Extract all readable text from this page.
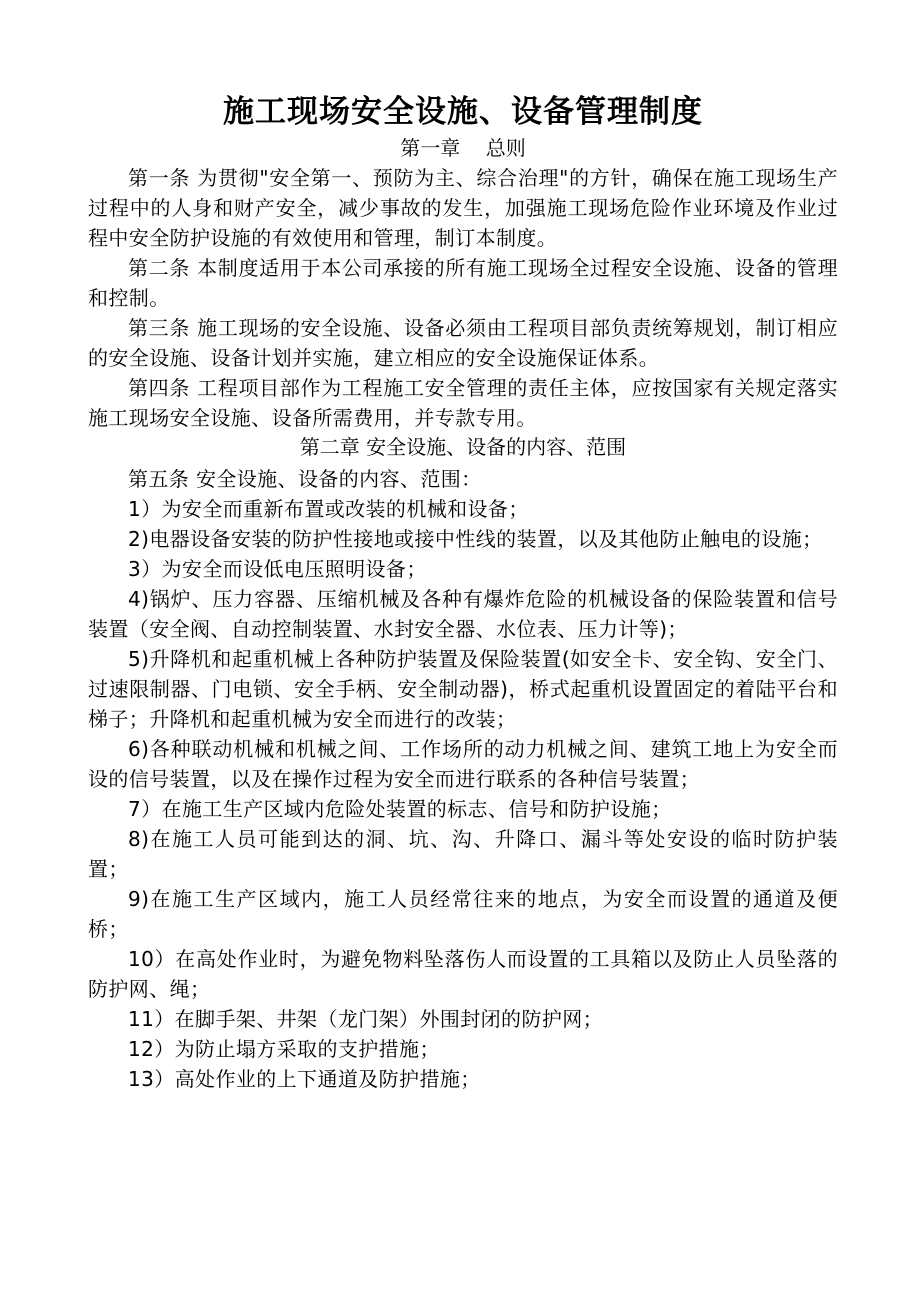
施工现场安全设施、设备管理制度

第一章    总则

第一条 为贯彻"安全第一、预防为主、综合治理"的方针，确保在施工现场生产过程中的人身和财产安全，减少事故的发生，加强施工现场危险作业环境及作业过程中安全防护设施的有效使用和管理，制订本制度。

第二条 本制度适用于本公司承接的所有施工现场全过程安全设施、设备的管理和控制。

第三条 施工现场的安全设施、设备必须由工程项目部负责统筹规划，制订相应的安全设施、设备计划并实施，建立相应的安全设施保证体系。

第四条 工程项目部作为工程施工安全管理的责任主体，应按国家有关规定落实施工现场安全设施、设备所需费用，并专款专用。

第二章 安全设施、设备的内容、范围

第五条 安全设施、设备的内容、范围：

1）为安全而重新布置或改装的机械和设备；

2)电器设备安装的防护性接地或接中性线的装置，以及其他防止触电的设施；

3）为安全而设低电压照明设备；

4)锅炉、压力容器、压缩机械及各种有爆炸危险的机械设备的保险装置和信号装置（安全阀、自动控制装置、水封安全器、水位表、压力计等)；

5)升降机和起重机械上各种防护装置及保险装置(如安全卡、安全钩、安全门、过速限制器、门电锁、安全手柄、安全制动器)，桥式起重机设置固定的着陆平台和梯子；升降机和起重机械为安全而进行的改装；

6)各种联动机械和机械之间、工作场所的动力机械之间、建筑工地上为安全而设的信号装置，以及在操作过程为安全而进行联系的各种信号装置；

7）在施工生产区域内危险处装置的标志、信号和防护设施；

8)在施工人员可能到达的洞、坑、沟、升降口、漏斗等处安设的临时防护装置；

9)在施工生产区域内，施工人员经常往来的地点，为安全而设置的通道及便桥；

10）在高处作业时，为避免物料坠落伤人而设置的工具箱以及防止人员坠落的防护网、绳；

11）在脚手架、井架（龙门架）外围封闭的防护网；

12）为防止塌方采取的支护措施；

13）高处作业的上下通道及防护措施；
